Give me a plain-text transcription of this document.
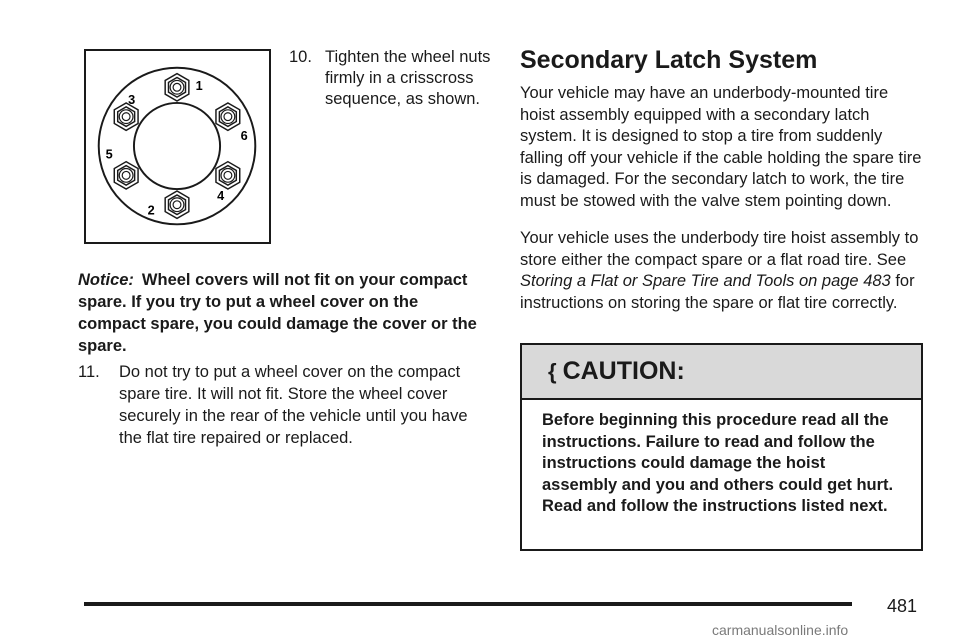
1
2
3
4
5
6
10. Tighten the wheel nuts firmly in a crisscross sequence, as shown.
Notice: Wheel covers will not fit on your compact spare. If you try to put a wheel cover on the compact spare, you could damage the cover or the spare.
11.	Do not try to put a wheel cover on the compact spare tire. It will not fit. Store the wheel cover securely in the rear of the vehicle until you have the flat tire repaired or replaced.
Secondary Latch System

Your vehicle may have an underbody-mounted tire hoist assembly equipped with a secondary latch system. It is designed to stop a tire from suddenly falling off your vehicle if the cable holding the spare tire is damaged. For the secondary latch to work, the tire must be stowed with the valve stem pointing down.

Your vehicle uses the underbody tire hoist assembly to store either the compact spare or a flat road tire. See Storing a Flat or Spare Tire and Tools on page 483 for instructions on storing the spare or flat tire correctly.

{ CAUTION:
Before beginning this procedure read all the instructions. Failure to read and follow the instructions could damage the hoist assembly and you and others could get hurt. Read and follow the instructions listed next.
481
carmanualsonline.info
